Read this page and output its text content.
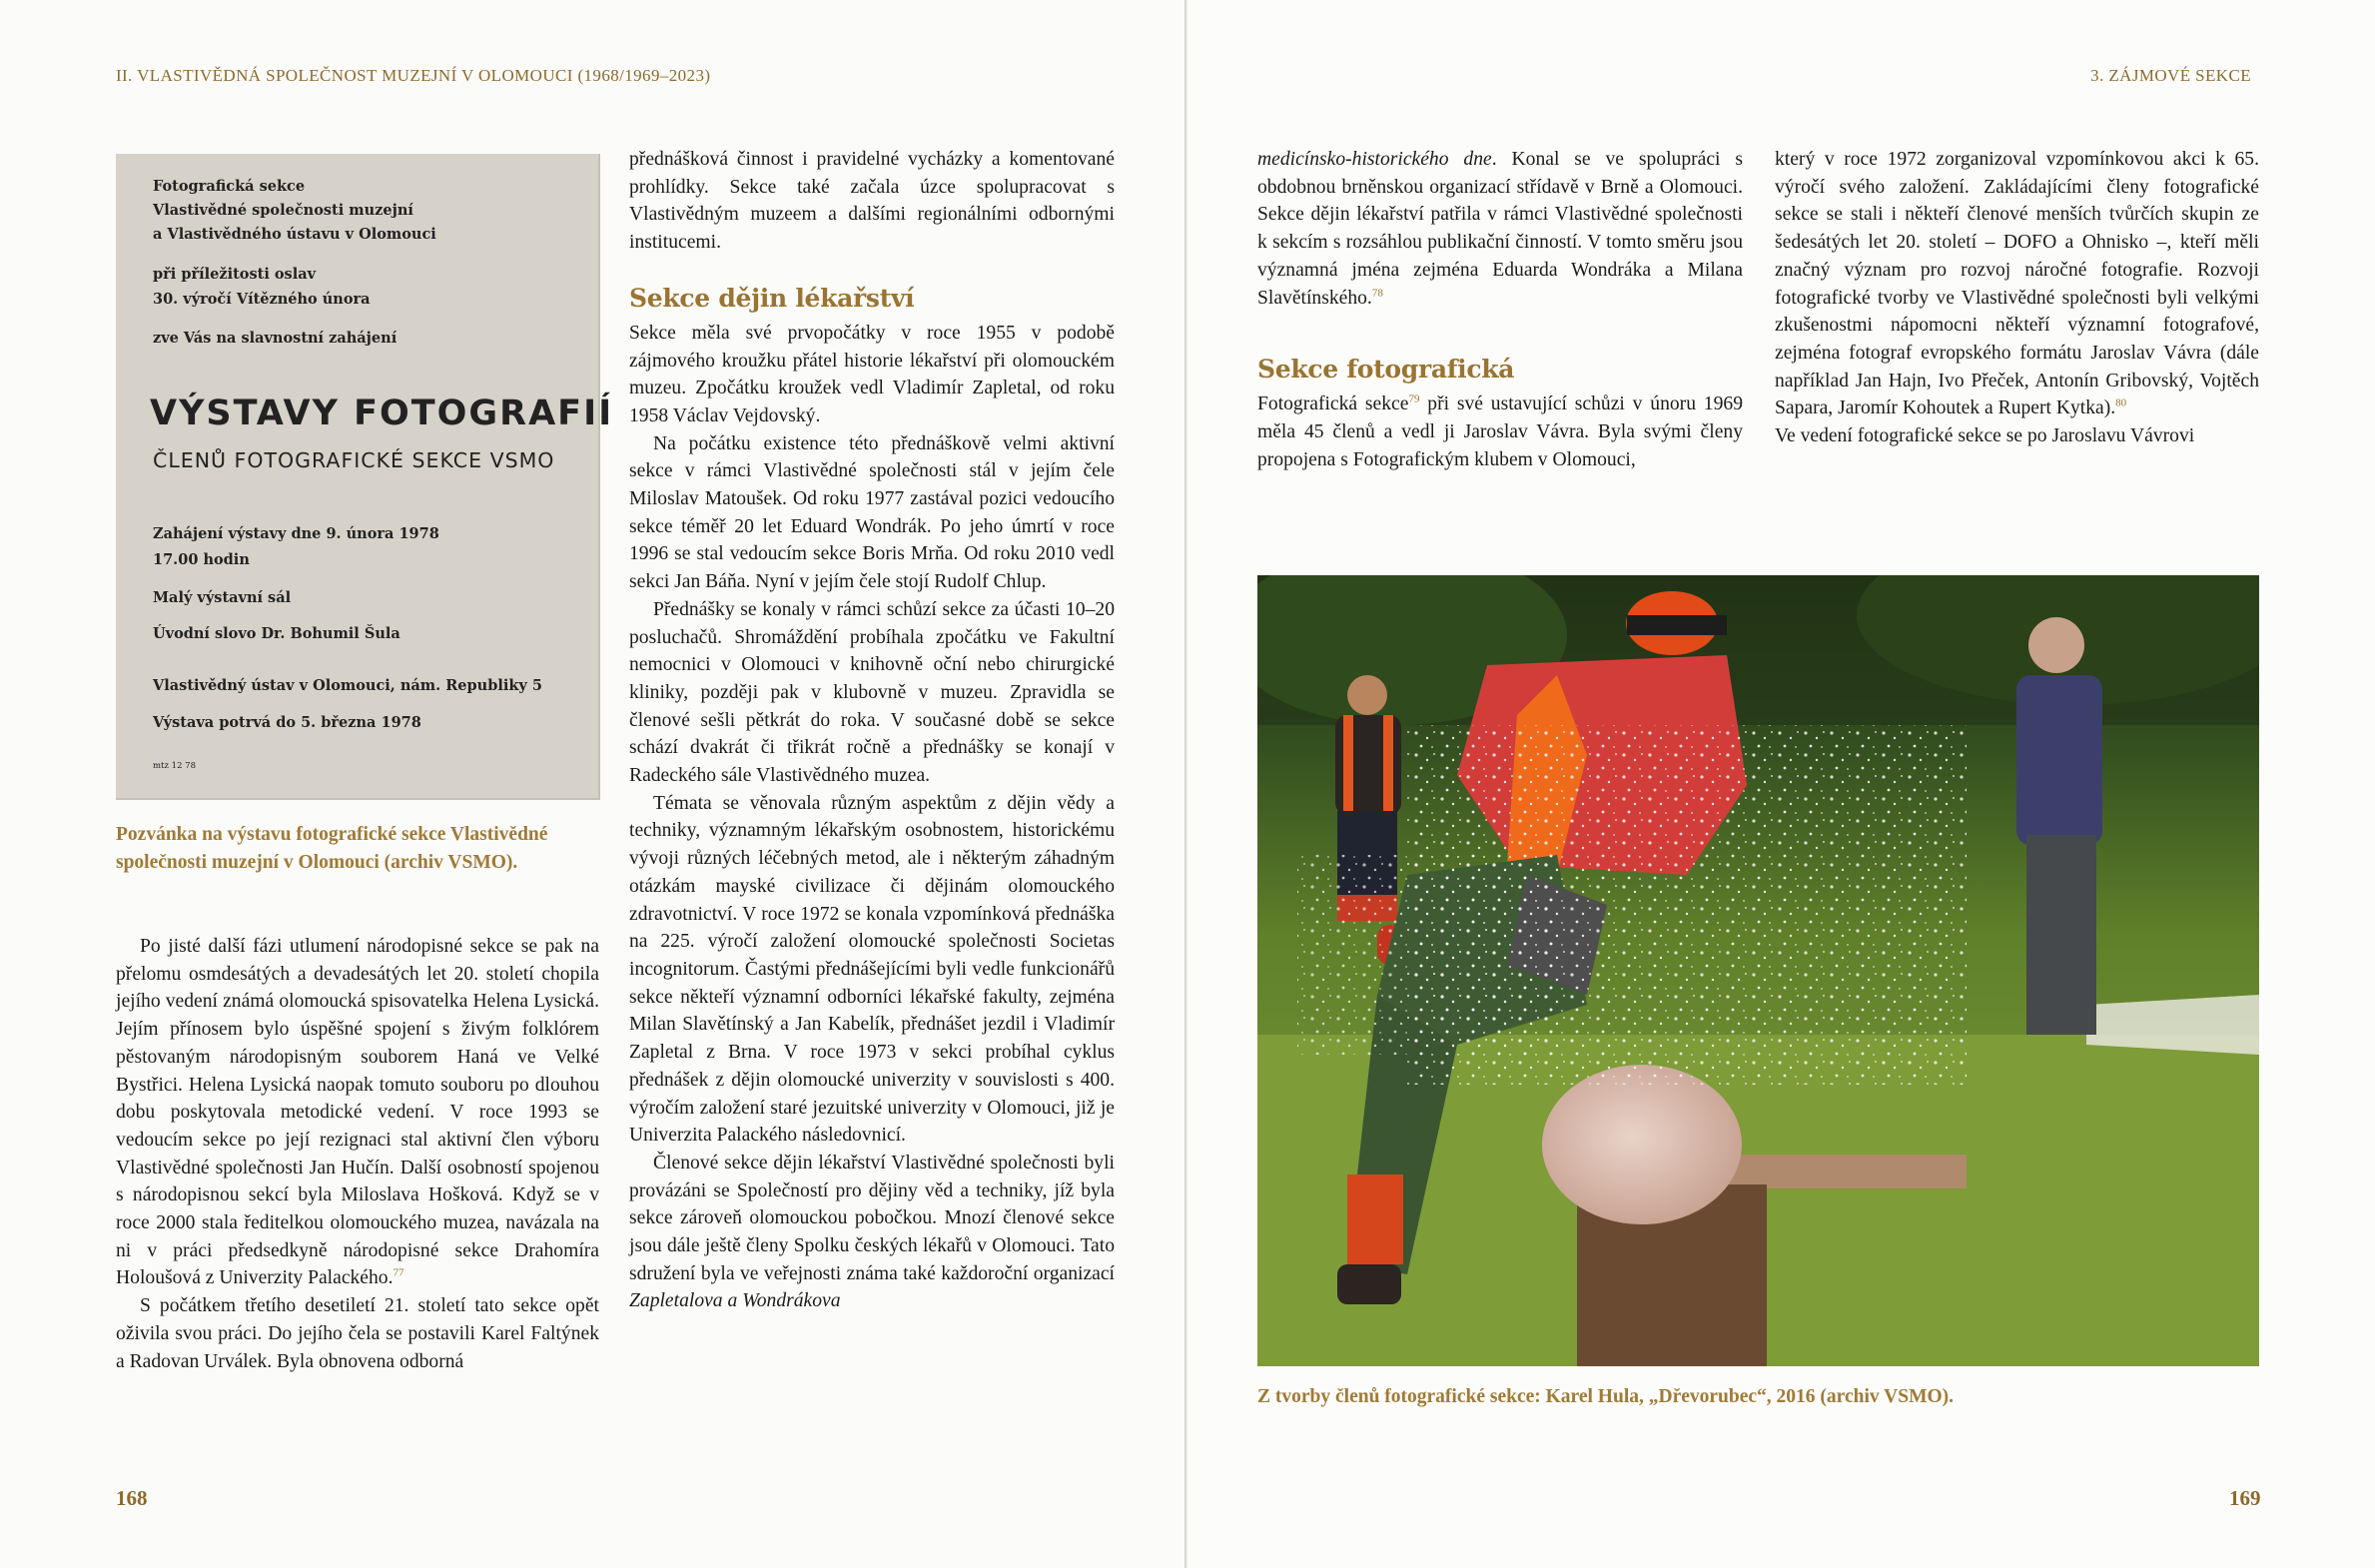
II. VLASTIVĚDNÁ SPOLEČNOST MUZEJNÍ V OLOMOUCI (1968/1969–2023)
Fotografická sekce
Vlastivědné společnosti muzejní
a Vlastivědného ústavu v Olomouci
při příležitosti oslav
30. výročí Vítězného února
zve Vás na slavnostní zahájení
VÝSTAVY FOTOGRAFIÍ
ČLENŮ FOTOGRAFICKÉ SEKCE VSMO
Zahájení výstavy dne 9. února 1978
17.00 hodin
Malý výstavní sál
Úvodní slovo Dr. Bohumil Šula
Vlastivědný ústav v Olomouci, nám. Republiky 5
Výstava potrvá do 5. března 1978
mtz 12 78
Pozvánka na výstavu fotografické sekce Vlastivědné společnosti muzejní v Olomouci (archiv VSMO).

Po jisté další fázi utlumení národopisné sekce se pak na přelomu osmdesátých a devadesátých let 20. století chopila jejího vedení známá olomoucká spisovatelka Helena Lysická. Jejím přínosem bylo úspěšné spojení s živým folklórem pěstovaným národopisným souborem Haná ve Velké Bystřici. Helena Lysická naopak tomuto souboru po dlouhou dobu poskytovala metodické vedení. V roce 1993 se vedoucím sekce po její rezignaci stal aktivní člen výboru Vlastivědné společnosti Jan Hučín. Další osobností spojenou s národopisnou sekcí byla Miloslava Hošková. Když se v roce 2000 stala ředitelkou olomouckého muzea, navázala na ni v práci předsedkyně národopisné sekce Drahomíra Holoušová z Univerzity Palackého.$^{77}$

S počátkem třetího desetiletí 21. století tato sekce opět oživila svou práci. Do jejího čela se postavili Karel Faltýnek a Radovan Urválek. Byla obnovena odborná

přednášková činnost i pravidelné vycházky a komentované prohlídky. Sekce také začala úzce spolupracovat s Vlastivědným muzeem a dalšími regionálními odbornými institucemi.

Sekce dějin lékařství

Sekce měla své prvopočátky v roce 1955 v podobě zájmového kroužku přátel historie lékařství při olomouckém muzeu. Zpočátku kroužek vedl Vladimír Zapletal, od roku 1958 Václav Vejdovský.

Na počátku existence této přednáškově velmi aktivní sekce v rámci Vlastivědné společnosti stál v jejím čele Miloslav Matoušek. Od roku 1977 zastával pozici vedoucího sekce téměř 20 let Eduard Wondrák. Po jeho úmrtí v roce 1996 se stal vedoucím sekce Boris Mrňa. Od roku 2010 vedl sekci Jan Báňa. Nyní v jejím čele stojí Rudolf Chlup.

Přednášky se konaly v rámci schůzí sekce za účasti 10–20 posluchačů. Shromáždění probíhala zpočátku ve Fakultní nemocnici v Olomouci v knihovně oční nebo chirurgické kliniky, později pak v klubovně v muzeu. Zpravidla se členové sešli pětkrát do roka. V současné době se sekce schází dvakrát či třikrát ročně a přednášky se konají v Radeckého sále Vlastivědného muzea.

Témata se věnovala různým aspektům z dějin vědy a techniky, významným lékařským osobnostem, historickému vývoji různých léčebných metod, ale i některým záhadným otázkám mayské civilizace či dějinám olomouckého zdravotnictví. V roce 1972 se konala vzpomínková přednáška na 225. výročí založení olomoucké společnosti Societas incognitorum. Častými přednášejícími byli vedle funkcionářů sekce někteří významní odborníci lékařské fakulty, zejména Milan Slavětínský a Jan Kabelík, přednášet jezdil i Vladimír Zapletal z Brna. V roce 1973 v sekci probíhal cyklus přednášek z dějin olomoucké univerzity v souvislosti s 400. výročím založení staré jezuitské univerzity v Olomouci, již je Univerzita Palackého následovnicí.

Členové sekce dějin lékařství Vlastivědné společnosti byli provázáni se Společností pro dějiny věd a techniky, jíž byla sekce zároveň olomouckou pobočkou. Mnozí členové sekce jsou dále ještě členy Spolku českých lékařů v Olomouci. Tato sdružení byla ve veřejnosti známa také každoroční organizací Zapletalova a Wondrákova

168
3. ZÁJMOVÉ SEKCE

medicínsko-historického dne. Konal se ve spolupráci s obdobnou brněnskou organizací střídavě v Brně a Olomouci. Sekce dějin lékařství patřila v rámci Vlastivědné společnosti k sekcím s rozsáhlou publikační činností. V tomto směru jsou významná jména zejména Eduarda Wondráka a Milana Slavětínského.$^{78}$

Sekce fotografická

Fotografická sekce$^{79}$ při své ustavující schůzi v únoru 1969 měla 45 členů a vedl ji Jaroslav Vávra. Byla svými členy propojena s Fotografickým klubem v Olomouci,

který v roce 1972 zorganizoval vzpomínkovou akci k 65. výročí svého založení. Zakládajícími členy fotografické sekce se stali i někteří členové menších tvůrčích skupin ze šedesátých let 20. století – DOFO a Ohnisko –, kteří měli značný význam pro rozvoj náročné fotografie. Rozvoji fotografické tvorby ve Vlastivědné společnosti byli velkými zkušenostmi nápomocni někteří významní fotografové, zejména fotograf evropského formátu Jaroslav Vávra (dále například Jan Hajn, Ivo Přeček, Antonín Gribovský, Vojtěch Sapara, Jaromír Kohoutek a Rupert Kytka).$^{80}$

Ve vedení fotografické sekce se po Jaroslavu Vávrovi

Z tvorby členů fotografické sekce: Karel Hula, „Dřevorubec“, 2016 (archiv VSMO).
169
